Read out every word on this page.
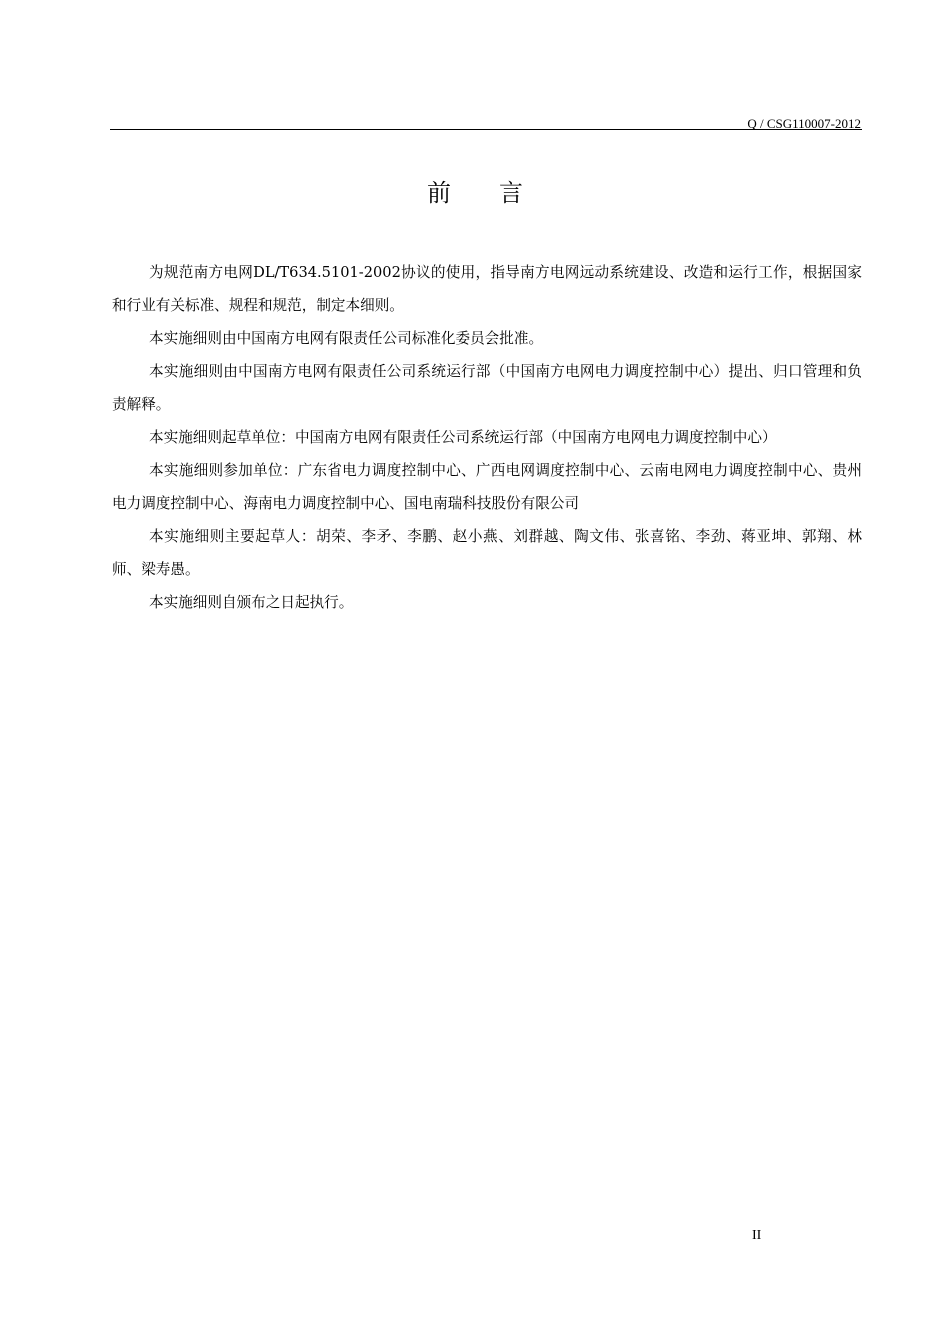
Q / CSG110007-2012
前言

为规范南方电网DL/T634.5101-2002协议的使用，指导南方电网远动系统建设、改造和运行工作，根据国家和行业有关标准、规程和规范，制定本细则。

本实施细则由中国南方电网有限责任公司标准化委员会批准。

本实施细则由中国南方电网有限责任公司系统运行部（中国南方电网电力调度控制中心）提出、归口管理和负责解释。

本实施细则起草单位：中国南方电网有限责任公司系统运行部（中国南方电网电力调度控制中心）

本实施细则参加单位：广东省电力调度控制中心、广西电网调度控制中心、云南电网电力调度控制中心、贵州电力调度控制中心、海南电力调度控制中心、国电南瑞科技股份有限公司

本实施细则主要起草人：胡荣、李矛、李鹏、赵小燕、刘群越、陶文伟、张喜铭、李劲、蒋亚坤、郭翔、林师、梁寿愚。

本实施细则自颁布之日起执行。

II
